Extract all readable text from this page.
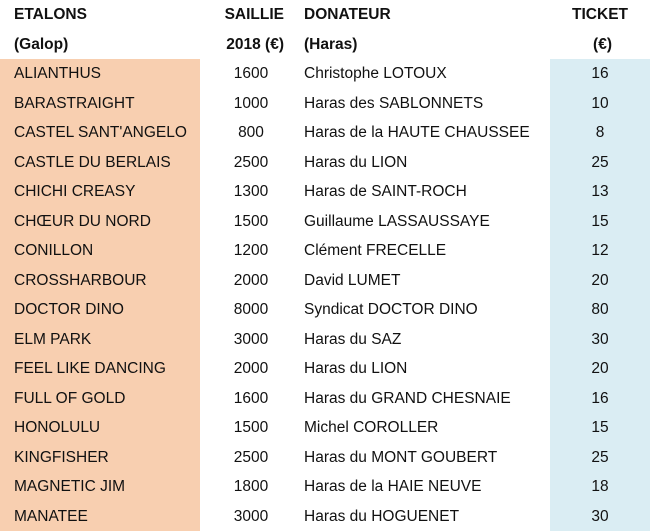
ETALONS	SAILLIE	DONATEUR	TICKET
(Galop)	2018 (€)	(Haras)	(€)
ALIANTHUS	1600	Christophe LOTOUX	16
BARASTRAIGHT	1000	Haras des SABLONNETS	10
CASTEL SANT'ANGELO	800	Haras de la HAUTE CHAUSSEE	8
CASTLE DU BERLAIS	2500	Haras du LION	25
CHICHI CREASY	1300	Haras de SAINT-ROCH	13
CHŒUR DU NORD	1500	Guillaume LASSAUSSAYE	15
CONILLON	1200	Clément FRECELLE	12
CROSSHARBOUR	2000	David LUMET	20
DOCTOR DINO	8000	Syndicat DOCTOR DINO	80
ELM PARK	3000	Haras du SAZ	30
FEEL LIKE DANCING	2000	Haras du LION	20
FULL OF GOLD	1600	Haras du GRAND CHESNAIE	16
HONOLULU	1500	Michel COROLLER	15
KINGFISHER	2500	Haras du MONT GOUBERT	25
MAGNETIC JIM	1800	Haras de la HAIE NEUVE	18
MANATEE	3000	Haras du HOGUENET	30
